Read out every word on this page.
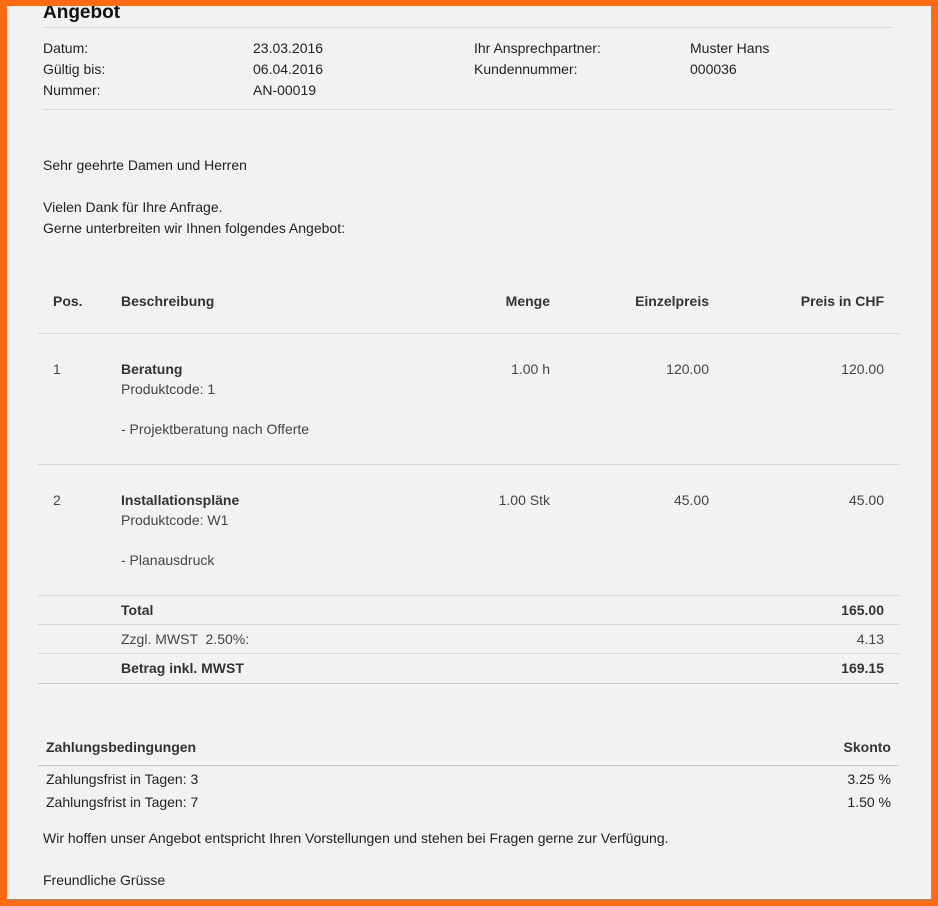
Angebot
Datum:	23.03.2016
Gültig bis:	06.04.2016
Nummer:	AN-00019
Ihr Ansprechpartner:	Muster Hans
Kundennummer:	000036
Sehr geehrte Damen und Herren
Vielen Dank für Ihre Anfrage.
Gerne unterbreiten wir Ihnen folgendes Angebot:
Pos.	Beschreibung	Menge	Einzelpreis	Preis in CHF
1	Beratung
Produktcode: 1
- Projektberatung nach Offerte
1.00 h	120.00	120.00
2	Installationspläne
Produktcode: W1
- Planausdruck
1.00 Stk	45.00	45.00
Total	165.00
Zzgl. MWST  2.50%:	4.13
Betrag inkl. MWST	169.15
Zahlungsbedingungen	Skonto
Zahlungsfrist in Tagen: 3	3.25 %
Zahlungsfrist in Tagen: 7	1.50 %
Wir hoffen unser Angebot entspricht Ihren Vorstellungen und stehen bei Fragen gerne zur Verfügung.
Freundliche Grüsse
